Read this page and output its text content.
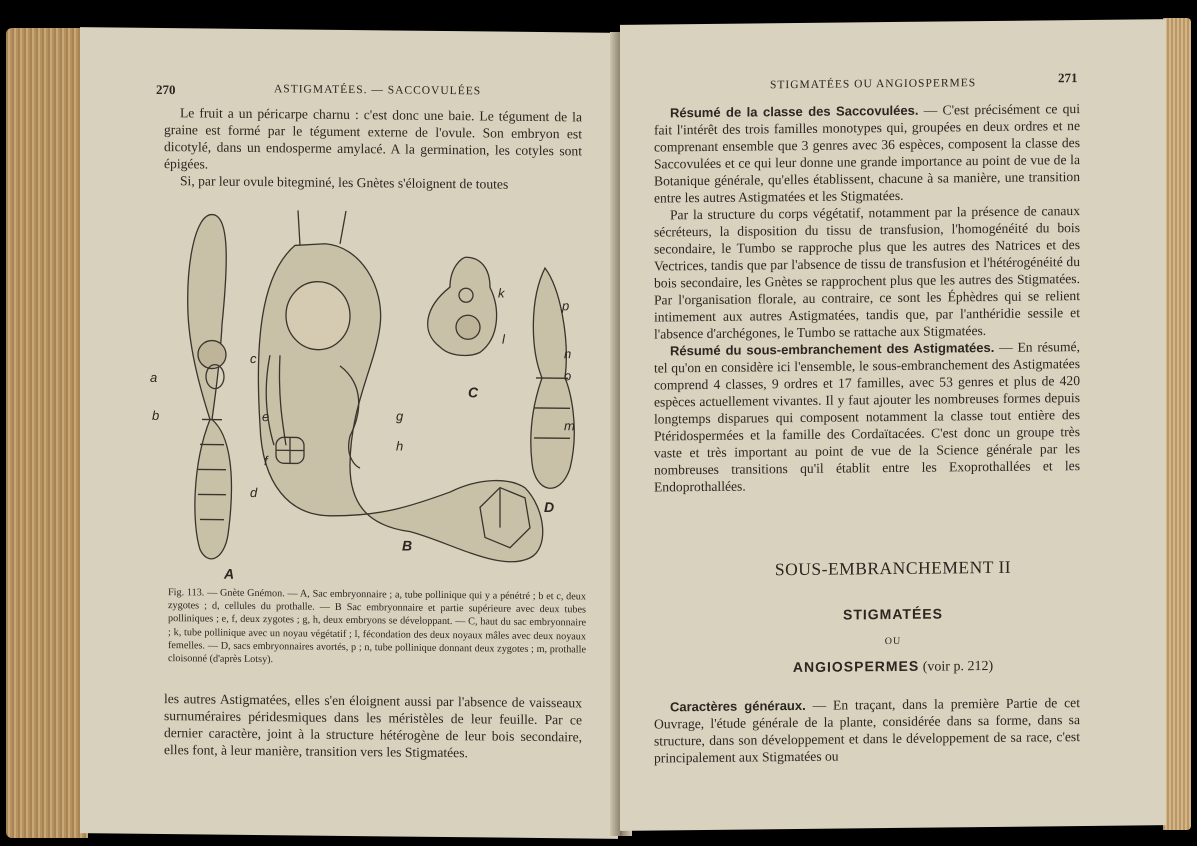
270	ASTIGMATÉES. — SACCOVULÉES

Le fruit a un péricarpe charnu : c'est donc une baie. Le tégument de la graine est formé par le tégument externe de l'ovule. Son embryon est dicotylé, dans un endosperme amylacé. A la germination, les cotyles sont épigées.

Si, par leur ovule bitegminé, les Gnètes s'éloignent de toutes

c
a
b
d
e
f
g
h
k
l
p
n
o
m
A
B
C
D
Fig. 113. — Gnète Gnémon. — A, Sac embryonnaire ; a, tube pollinique qui y a pénétré ; b et c, deux zygotes ; d, cellules du prothalle. — B Sac embryonnaire et partie supérieure avec deux tubes polliniques ; e, f, deux zygotes ; g, h, deux embryons se développant. — C, haut du sac embryonnaire ; k, tube pollinique avec un noyau végétatif ; l, fécondation des deux noyaux mâles avec deux noyaux femelles. — D, sacs embryonnaires avortés, p ; n, tube pollinique donnant deux zygotes ; m, prothalle cloisonné (d'après Lotsy).

les autres Astigmatées, elles s'en éloignent aussi par l'absence de vaisseaux surnuméraires péridesmiques dans les méristèles de leur feuille. Par ce dernier caractère, joint à la structure hétérogène de leur bois secondaire, elles font, à leur manière, transition vers les Stigmatées.

STIGMATÉES OU ANGIOSPERMES	271

Résumé de la classe des Saccovulées. — C'est précisément ce qui fait l'intérêt des trois familles monotypes qui, groupées en deux ordres et ne comprenant ensemble que 3 genres avec 36 espèces, composent la classe des Saccovulées et ce qui leur donne une grande importance au point de vue de la Botanique générale, qu'elles établissent, chacune à sa manière, une transition entre les autres Astigmatées et les Stigmatées.

Par la structure du corps végétatif, notamment par la présence de canaux sécréteurs, la disposition du tissu de transfusion, l'homogénéité du bois secondaire, le Tumbo se rapproche plus que les autres des Natrices et des Vectrices, tandis que par l'absence de tissu de transfusion et l'hétérogénéité du bois secondaire, les Gnètes se rapprochent plus que les autres des Stigmatées. Par l'organisation florale, au contraire, ce sont les Éphèdres qui se relient intimement aux autres Astigmatées, tandis que, par l'anthéridie sessile et l'absence d'archégones, le Tumbo se rattache aux Stigmatées.

Résumé du sous-embranchement des Astigmatées. — En résumé, tel qu'on en considère ici l'ensemble, le sous-embranchement des Astigmatées comprend 4 classes, 9 ordres et 17 familles, avec 53 genres et plus de 420 espèces actuellement vivantes. Il y faut ajouter les nombreuses formes depuis longtemps disparues qui composent notamment la classe tout entière des Ptéridospermées et la famille des Cordaïtacées. C'est donc un groupe très vaste et très important au point de vue de la Science générale par les nombreuses transitions qu'il établit entre les Exoprothallées et les Endoprothallées.

SOUS-EMBRANCHEMENT II
STIGMATÉES
OU
ANGIOSPERMES (voir p. 212)

Caractères généraux. — En traçant, dans la première Partie de cet Ouvrage, l'étude générale de la plante, considérée dans sa forme, dans sa structure, dans son développement et dans le développement de sa race, c'est principalement aux Stigmatées ou
